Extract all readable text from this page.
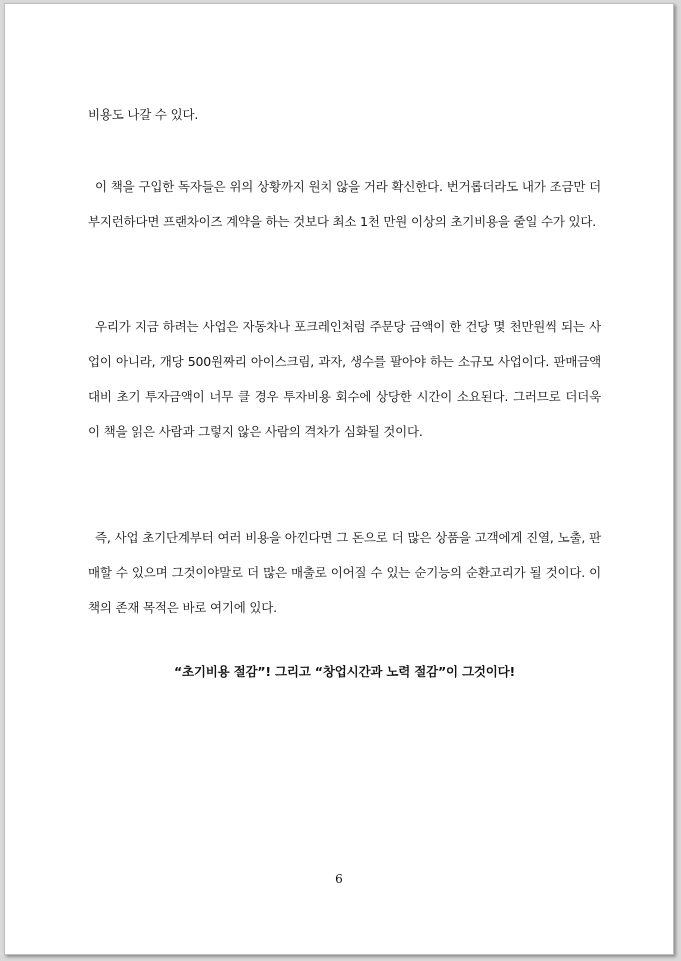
비용도 나갈 수 있다.

이 책을 구입한 독자들은 위의 상황까지 원치 않을 거라 확신한다. 번거롭더라도 내가 조금만 더 부지런하다면 프랜차이즈 계약을 하는 것보다 최소 1천 만원 이상의 초기비용을 줄일 수가 있다.

우리가 지금 하려는 사업은 자동차나 포크레인처럼 주문당 금액이 한 건당 몇 천만원씩 되는 사업이 아니라, 개당 500원짜리 아이스크림, 과자, 생수를 팔아야 하는 소규모 사업이다. 판매금액대비 초기 투자금액이 너무 클 경우 투자비용 회수에 상당한 시간이 소요된다. 그러므로 더더욱 이 책을 읽은 사람과 그렇지 않은 사람의 격차가 심화될 것이다.

즉, 사업 초기단계부터 여러 비용을 아낀다면 그 돈으로 더 많은 상품을 고객에게 진열, 노출, 판매할 수 있으며 그것이야말로 더 많은 매출로 이어질 수 있는 순기능의 순환고리가 될 것이다. 이 책의 존재 목적은 바로 여기에 있다.

“초기비용 절감”! 그리고 “창업시간과 노력 절감”이 그것이다!

6
